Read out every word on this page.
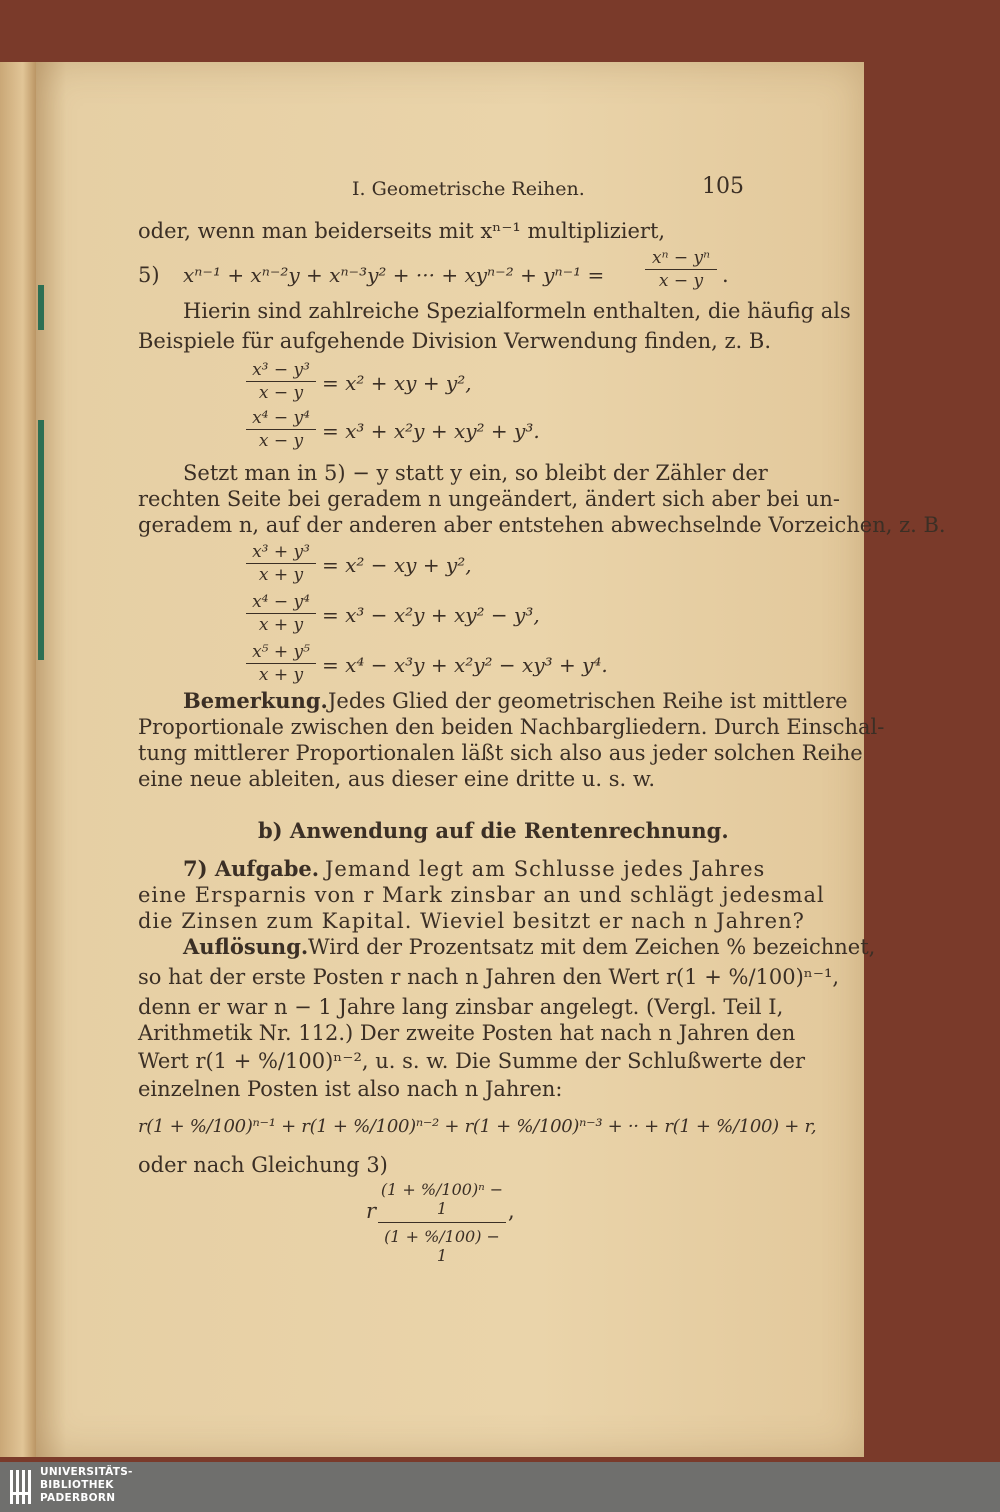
I. Geometrische Reihen.	105
oder, wenn man beiderseits mit xⁿ⁻¹ multipliziert,
5) xⁿ⁻¹ + xⁿ⁻²y + xⁿ⁻³y² + ··· + $xy^{n-2} + y^{n-1} = \frac{\text{xⁿ − yⁿ}}{x - y}$ .
Hierin sind zahlreiche Spezialformeln enthalten, die häufig als
Beispiele für aufgehende Division Verwendung finden, z. B.
$\frac{\text{x³ − y³}}{x - y} = x^2$ + xy + y²,
$\frac{\text{x⁴ − y⁴}}{x - y} = x^3 + x^2y + xy^2 + y^3$.
Setzt man in 5) − y statt y ein, so bleibt der Zähler der
rechten Seite bei geradem n ungeändert, ändert sich aber bei un-
geradem n, auf der anderen aber entstehen abwechselnde Vorzeichen, z. B.
$\frac{\text{x³ + y³}}{x + y} = x^2$ − xy + y²,
$\frac{\text{x⁴ − y⁴}}{x + y} = x^3 - x^2y + xy^2 - y^3$,
$\frac{\text{x⁵ + y⁵}}{x + y} = x^4 - x^3y + x^2y^2 - xy^3 + y^4$.
Bemerkung. Jedes Glied der geometrischen Reihe ist mittlere
Proportionale zwischen den beiden Nachbargliedern. Durch Einschal-
tung mittlerer Proportionalen läßt sich also aus jeder solchen Reihe
eine neue ableiten, aus dieser eine dritte u. s. w.
b) Anwendung auf die Rentenrechnung.
7) Aufgabe. Jemand legt am Schlusse jedes Jahres
eine Ersparnis von r Mark zinsbar an und schlägt jedesmal
die Zinsen zum Kapital. Wieviel besitzt er nach n Jahren?
Auflösung. Wird der Prozentsatz mit dem Zeichen % bezeichnet,
so hat der erste Posten r nach n Jahren den Wert r(1 + %/100)ⁿ⁻¹,
denn er war n − 1 Jahre lang zinsbar angelegt. (Vergl. Teil I,
Arithmetik Nr. 112.) Der zweite Posten hat nach n Jahren den
Wert r(1 + %/100)ⁿ⁻², u. s. w. Die Summe der Schlußwerte der
einzelnen Posten ist also nach n Jahren:
r(1 + %/100)ⁿ⁻¹ + r(1 + %/100)ⁿ⁻² + r(1 + %/100)ⁿ⁻³ + ·· + r(1 + %/100) + r,
oder nach Gleichung 3)
r $\frac{\text{(1 + \%/100)ⁿ − 1}}{(1 + \%/100) - 1}$ ,
UNIVERSITÄTS-
BIBLIOTHEK
PADERBORN
